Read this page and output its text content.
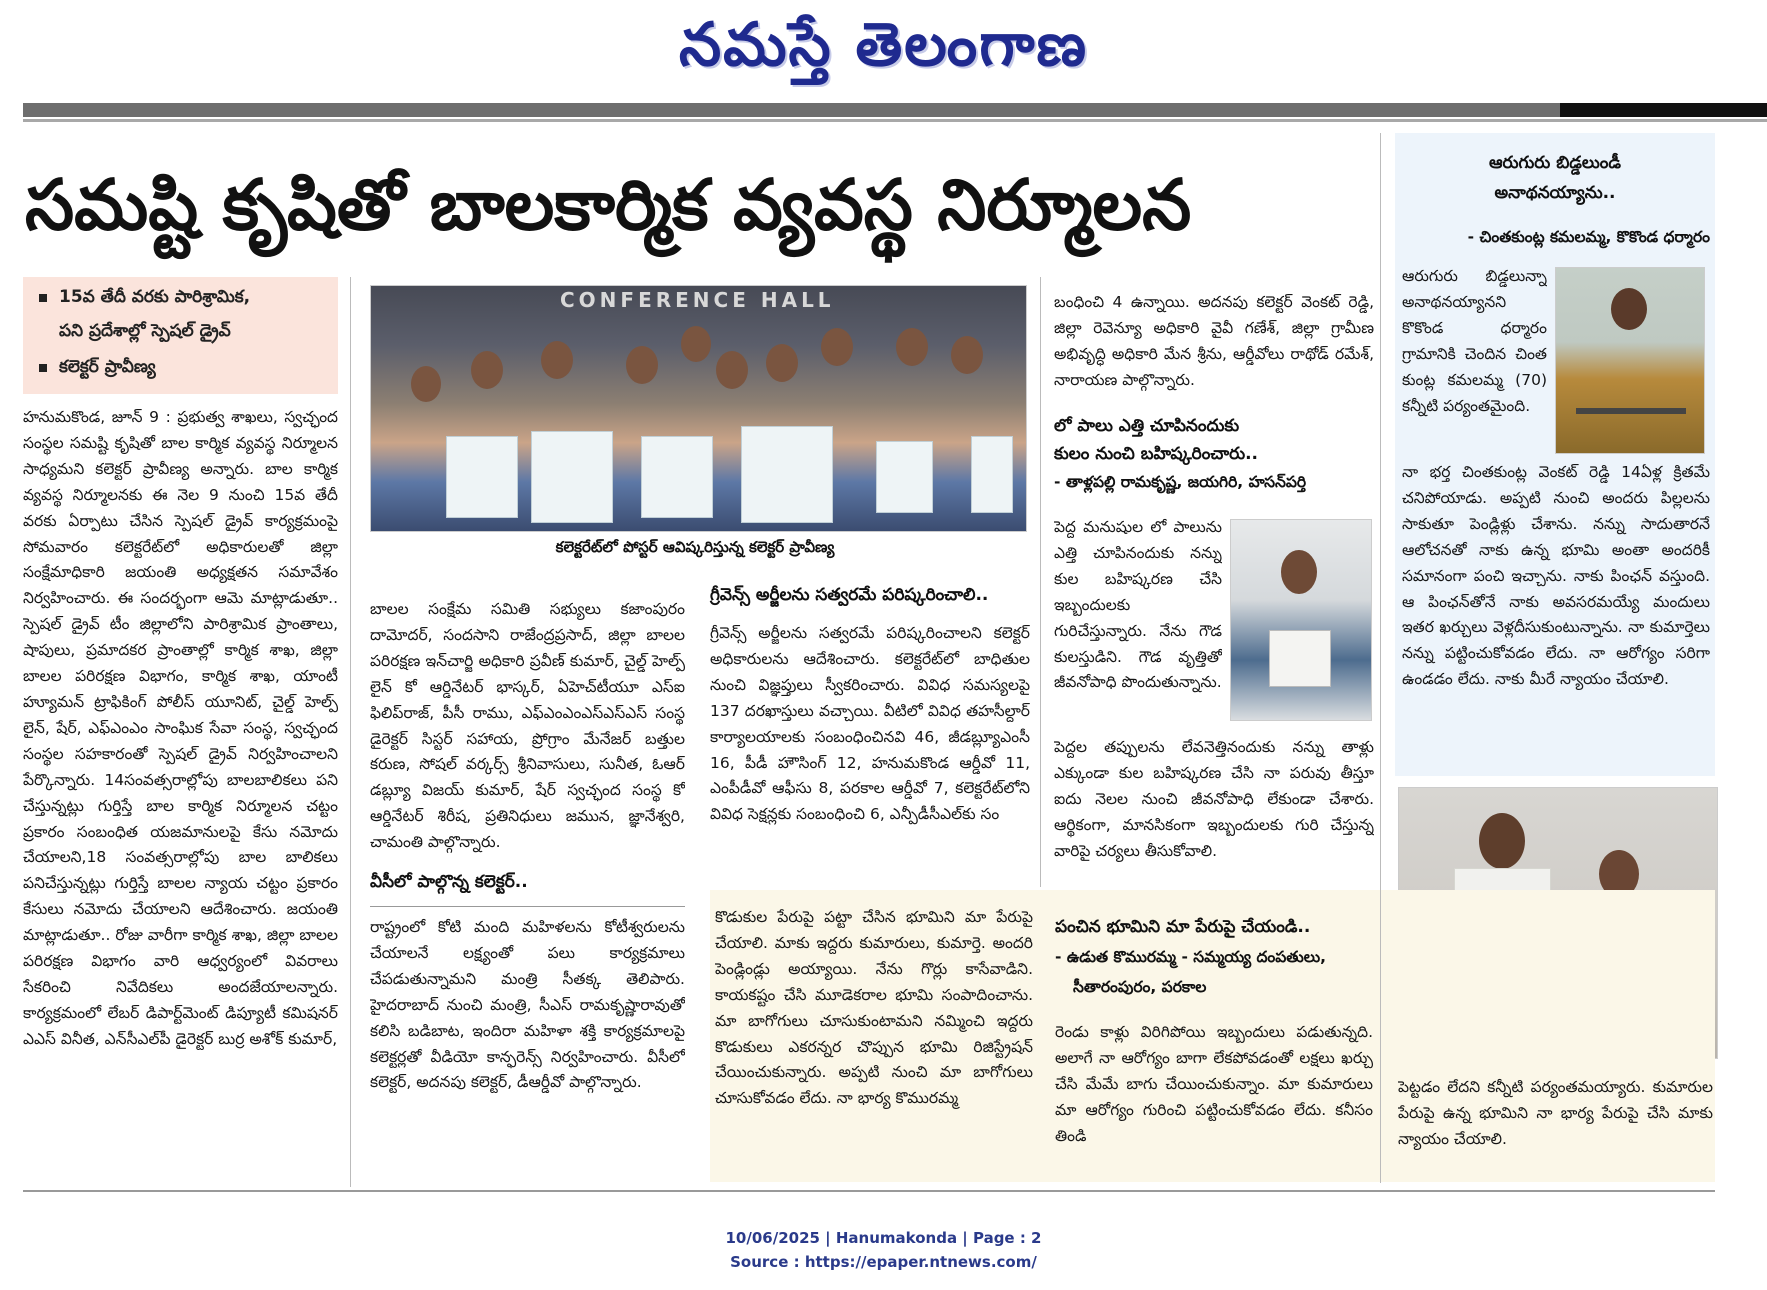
నమస్తే తెలంగాణ
సమష్టి కృషితో బాలకార్మిక వ్యవస్థ నిర్మూలన
15వ తేదీ వరకు పారిశ్రామిక,
పని ప్రదేశాల్లో స్పెషల్ డ్రైవ్
కలెక్టర్ ప్రావీణ్య

హనుమకొండ, జూన్ 9 : ప్రభుత్వ శాఖలు, స్వచ్ఛంద సంస్థల సమష్టి కృషితో బాల కార్మిక వ్యవస్థ నిర్మూలన సాధ్యమని కలెక్టర్ ప్రావీణ్య అన్నారు. బాల కార్మిక వ్యవస్థ నిర్మూలనకు ఈ నెల 9 నుంచి 15వ తేదీ వరకు ఏర్పాటు చేసిన స్పెషల్ డ్రైవ్ కార్యక్రమంపై సోమవారం కలెక్టరేట్‌లో అధికారులతో జిల్లా సంక్షేమాధికారి జయంతి అధ్యక్షతన సమావేశం నిర్వహించారు. ఈ సందర్భంగా ఆమె మాట్లాడుతూ.. స్పెషల్ డ్రైవ్ టీం జిల్లాలోని పారిశ్రామిక ప్రాంతాలు, షాపులు, ప్రమాదకర ప్రాంతాల్లో కార్మిక శాఖ, జిల్లా బాలల పరిరక్షణ విభాగం, కార్మిక శాఖ, యాంటీ హ్యూమన్ ట్రాఫికింగ్ పోలీస్ యూనిట్, చైల్డ్ హెల్ప్ లైన్, షేర్, ఎఫ్‌ఎంఎం సాంఘిక సేవా సంస్థ, స్వచ్ఛంద సంస్థల సహకారంతో స్పెషల్ డ్రైవ్ నిర్వహించాలని పేర్కొన్నారు. 14సంవత్సరాల్లోపు బాలబాలికలు పని చేస్తున్నట్లు గుర్తిస్తే బాల కార్మిక నిర్మూలన చట్టం ప్రకారం సంబంధిత యజమానులపై కేసు నమోదు చేయాలని,18 సంవత్సరాల్లోపు బాల బాలికలు పనిచేస్తున్నట్లు గుర్తిస్తే బాలల న్యాయ చట్టం ప్రకారం కేసులు నమోదు చేయాలని ఆదేశించారు. జయంతి మాట్లాడుతూ.. రోజు వారీగా కార్మిక శాఖ, జిల్లా బాలల పరిరక్షణ విభాగం వారి ఆధ్వర్యంలో వివరాలు సేకరించి నివేదికలు అందజేయాలన్నారు. కార్యక్రమంలో లేబర్ డిపార్ట్‌మెంట్ డిప్యూటీ కమిషనర్ ఎఎస్ వినీత, ఎన్‌సీఎల్‌పీ డైరెక్టర్ బుర్ర అశోక్ కుమార్,

CONFERENCE HALL
కలెక్టరేట్‌లో పోస్టర్ ఆవిష్కరిస్తున్న కలెక్టర్ ప్రావీణ్య

బాలల సంక్షేమ సమితి సభ్యులు కజాంపురం దామోదర్, సందసాని రాజేంద్రప్రసాద్, జిల్లా బాలల పరిరక్షణ ఇన్‌చార్జి అధికారి ప్రవీణ్ కుమార్, చైల్డ్ హెల్ప్ లైన్ కో ఆర్డినేటర్ భాస్కర్, ఏహెచ్‌టీయూ ఎస్‌ఐ ఫిలిప్‌రాజ్, పీసీ రాము, ఎఫ్‌ఎంఎంఎస్‌ఎస్‌ఎస్ సంస్థ డైరెక్టర్ సిస్టర్ సహాయ, ప్రోగ్రాం మేనేజర్ బత్తుల కరుణ, సోషల్ వర్కర్స్ శ్రీనివాసులు, సునీత, ఓఆర్ డబ్ల్యూ విజయ్ కుమార్, షేర్ స్వచ్ఛంద సంస్థ కో ఆర్డినేటర్ శిరీష, ప్రతినిధులు జమున, జ్ఞానేశ్వరి, చామంతి పాల్గొన్నారు.

వీసీలో పాల్గొన్న కలెక్టర్..

రాష్ట్రంలో కోటి మంది మహిళలను కోటీశ్వరులను చేయాలనే లక్ష్యంతో పలు కార్యక్రమాలు చేపడుతున్నామని మంత్రి సీతక్క తెలిపారు. హైదరాబాద్ నుంచి మంత్రి, సీఎస్ రామకృష్ణారావుతో కలిసి బడిబాట, ఇందిరా మహిళా శక్తి కార్యక్రమాలపై కలెక్టర్లతో వీడియో కాన్ఫరెన్స్ నిర్వహించారు. వీసీలో కలెక్టర్, అదనపు కలెక్టర్, డీఆర్డీవో పాల్గొన్నారు.

గ్రీవెన్స్ అర్జీలను సత్వరమే పరిష్కరించాలి..

గ్రీవెన్స్ అర్జీలను సత్వరమే పరిష్కరించాలని కలెక్టర్ అధికారులను ఆదేశించారు. కలెక్టరేట్‌లో బాధితుల నుంచి విజ్ఞప్తులు స్వీకరించారు. వివిధ సమస్యలపై 137 దరఖాస్తులు వచ్చాయి. వీటిలో వివిధ తహసీల్దార్ కార్యాలయాలకు సంబంధించినవి 46, జీడబ్ల్యూఎంసీ 16, పీడీ హౌసింగ్ 12, హనుమకొండ ఆర్డీవో 11, ఎంపీడీవో ఆఫీసు 8, పరకాల ఆర్డీవో 7, కలెక్టరేట్‌లోని వివిధ సెక్షన్లకు సంబంధించి 6, ఎన్పీడీసీఎల్‌కు సం

బంధించి 4 ఉన్నాయి. అదనపు కలెక్టర్ వెంకట్ రెడ్డి, జిల్లా రెవెన్యూ అధికారి వైవీ గణేశ్, జిల్లా గ్రామీణ అభివృద్ధి అధికారి మేన శ్రీను, ఆర్డీవోలు రాథోడ్ రమేశ్, నారాయణ పాల్గొన్నారు.

లో పాలు ఎత్తి చూపినందుకు
కులం నుంచి బహిష్కరించారు..
- తాళ్లపల్లి రామకృష్ణ, జయగిరి, హసన్‌పర్తి

పెద్ద మనుషుల లో పాలును ఎత్తి చూపినందుకు నన్ను కుల బహిష్కరణ చేసి ఇబ్బందులకు గురిచేస్తున్నారు. నేను గౌడ కులస్తుడిని. గౌడ వృత్తితో జీవనోపాధి పొందుతున్నాను.

పెద్దల తప్పులను లేవనెత్తినందుకు నన్ను తాళ్లు ఎక్కుండా కుల బహిష్కరణ చేసి నా పరువు తీస్తూ ఐదు నెలల నుంచి జీవనోపాధి లేకుండా చేశారు. ఆర్థికంగా, మానసికంగా ఇబ్బందులకు గురి చేస్తున్న వారిపై చర్యలు తీసుకోవాలి.

ఆరుగురు బిడ్డలుండీ
అనాథనయ్యాను..
- చింతకుంట్ల కమలమ్మ, కొకొండ ధర్మారం

ఆరుగురు బిడ్డలున్నా అనాథనయ్యానని కొకొండ ధర్మారం గ్రామానికి చెందిన చింత కుంట్ల కమలమ్మ (70) కన్నీటి పర్యంతమైంది.

నా భర్త చింతకుంట్ల వెంకట్ రెడ్డి 14ఏళ్ల క్రితమే చనిపోయాడు. అప్పటి నుంచి అందరు పిల్లలను సాకుతూ పెండ్లిళ్లు చేశాను. నన్ను సాదుతారనే ఆలోచనతో నాకు ఉన్న భూమి అంతా అందరికీ సమానంగా పంచి ఇచ్చాను. నాకు పింఛన్ వస్తుంది. ఆ పింఛన్‌తోనే నాకు అవసరమయ్యే మందులు ఇతర ఖర్చులు వెళ్లదీసుకుంటున్నాను. నా కుమార్తెలు నన్ను పట్టించుకోవడం లేదు. నా ఆరోగ్యం సరిగా ఉండడం లేదు. నాకు మీరే న్యాయం చేయాలి.

కొడుకుల పేరుపై పట్టా చేసిన భూమిని మా పేరుపై చేయాలి. మాకు ఇద్దరు కుమారులు, కుమార్తె. అందరి పెండ్లిండ్లు అయ్యాయి. నేను గొర్లు కాసేవాడిని. కాయకష్టం చేసి మూడెకరాల భూమి సంపాదించాను. మా బాగోగులు చూసుకుంటామని నమ్మించి ఇద్దరు కొడుకులు ఎకరన్నర చొప్పున భూమి రిజిస్ట్రేషన్ చేయించుకున్నారు. అప్పటి నుంచి మా బాగోగులు చూసుకోవడం లేదు. నా భార్య కొమురమ్మ

పంచిన భూమిని మా పేరుపై చేయండి..
- ఉడుత కొమురమ్మ - సమ్మయ్య దంపతులు,
సీతారంపురం, పరకాల

రెండు కాళ్లు విరిగిపోయి ఇబ్బందులు పడుతున్నది. అలాగే నా ఆరోగ్యం బాగా లేకపోవడంతో లక్షలు ఖర్చు చేసి మేమే బాగు చేయించుకున్నాం. మా కుమారులు మా ఆరోగ్యం గురించి పట్టించుకోవడం లేదు. కనీసం తిండి

పెట్టడం లేదని కన్నీటి పర్యంతమయ్యారు. కుమారుల పేరుపై ఉన్న భూమిని నా భార్య పేరుపై చేసి మాకు న్యాయం చేయాలి.

10/06/2025 | Hanumakonda | Page : 2
Source : https://epaper.ntnews.com/
